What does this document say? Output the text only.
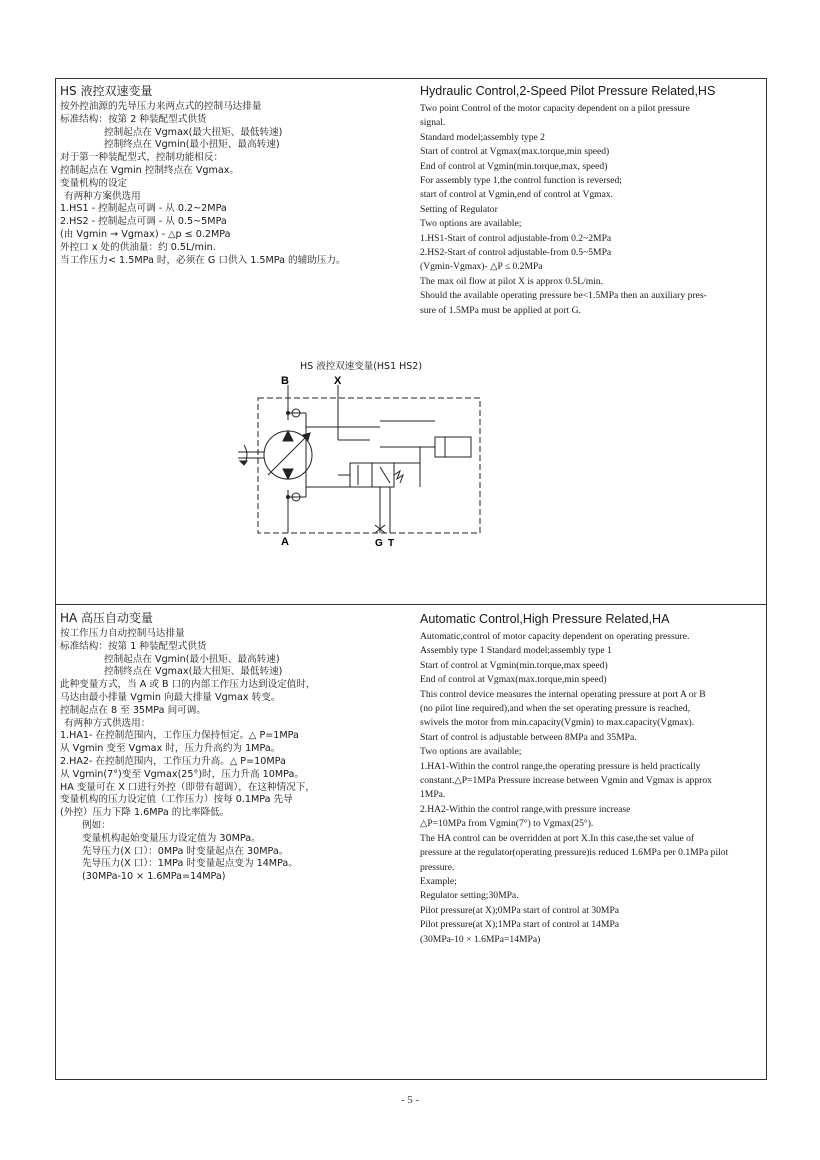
HS 液控双速变量
按外控油源的先导压力来两点式的控制马达排量
标准结构：按第 2 种装配型式供货
控制起点在 Vgmax(最大扭矩、最低转速)
控制终点在 Vgmin(最小扭矩、最高转速)
对于第一种装配型式，控制功能相反：
控制起点在 Vgmin 控制终点在 Vgmax。
变量机构的设定
有两种方案供选用
1.HS1 - 控制起点可调 - 从 0.2~2MPa
2.HS2 - 控制起点可调 - 从 0.5~5MPa
(由 Vgmin → Vgmax) - △p ≤ 0.2MPa
外控口 x 处的供油量：约 0.5L/min.
当工作压力< 1.5MPa 时，必须在 G 口供入 1.5MPa 的辅助压力。
Hydraulic Control,2-Speed Pilot Pressure Related,HS
Two point Control of the motor capacity dependent on a pilot pressure
signal.
Standard model;assembly type 2
Start of control at Vgmax(max.torque,min speed)
End of control at Vgmin(min.torque,max, speed)
For assembly type 1,the control function is reversed;
start of control at Vgmin,end of control at Vgmax.
Setting of Regulator
Two options are available;
1.HS1-Start of control adjustable-from 0.2~2MPa
2.HS2-Start of control adjustable-from 0.5~5MPa
(Vgmin-Vgmax)- △P ≤ 0.2MPa
The max oil flow at pilot X is approx 0.5L/min.
Should the available operating pressure be<1.5MPa then an auxiliary pres-
sure of 1.5MPa must be applied at port G.
HS 液控双速变量(HS1 HS2)
B	X
A	G T
HA 高压自动变量
按工作压力自动控制马达排量
标准结构：按第 1 种装配型式供货
控制起点在 Vgmin(最小扭矩、最高转速)
控制终点在 Vgmax(最大扭矩、最低转速)
此种变量方式，当 A 或 B 口的内部工作压力达到设定值时，
马达由最小排量 Vgmin 向最大排量 Vgmax 转变。
控制起点在 8 至 35MPa 间可调。
有两种方式供选用：
1.HA1- 在控制范围内，工作压力保持恒定。△ P=1MPa
从 Vgmin 变至 Vgmax 时，压力升高约为 1MPa。
2.HA2- 在控制范围内，工作压力升高。△ P=10MPa
从 Vgmin(7°)变至 Vgmax(25°)时，压力升高 10MPa。
HA 变量可在 X 口进行外控（即带有超调），在这种情况下，
变量机构的压力设定值（工作压力）按每 0.1MPa 先导
(外控）压力下降 1.6MPa 的比率降低。
例如：
变量机构起始变量压力设定值为 30MPa。
先导压力(X 口）：0MPa 时变量起点在 30MPa。
先导压力(X 口）：1MPa 时变量起点变为 14MPa。
(30MPa-10 × 1.6MPa=14MPa)
Automatic Control,High Pressure Related,HA
Automatic,control of motor capacity dependent on operating pressure.
Assembly type 1 Standard model;assembly type 1
Start of control at Vgmin(min.torque,max speed)
End of control at Vgmax(max.torque,min speed)
This control device measures the internal operating pressure at port A or B
(no pilot line required),and when the set operating pressure is reached,
swivels the motor from min.capacity(Vgmin) to max.capacity(Vgmax).
Start of control is adjustable between 8MPa and 35MPa.
Two options are available;
1.HA1-Within the control range,the operating pressure is held practically
constant.△P=1MPa Pressure increase between Vgmin and Vgmax is approx
1MPa.
2.HA2-Within the control range,with pressure increase
△P=10MPa from Vgmin(7°) to Vgmax(25°).
The HA control can be overridden at port X.In this case,the set value of
pressure at the regulator(operating pressure)is reduced 1.6MPa per 0.1MPa pilot
pressure.
Example;
Regulator setting;30MPa.
Pilot pressure(at X);0MPa start of control at 30MPa
Pilot pressure(at X);1MPa start of control at 14MPa
(30MPa-10 × 1.6MPa=14MPa)
- 5 -
